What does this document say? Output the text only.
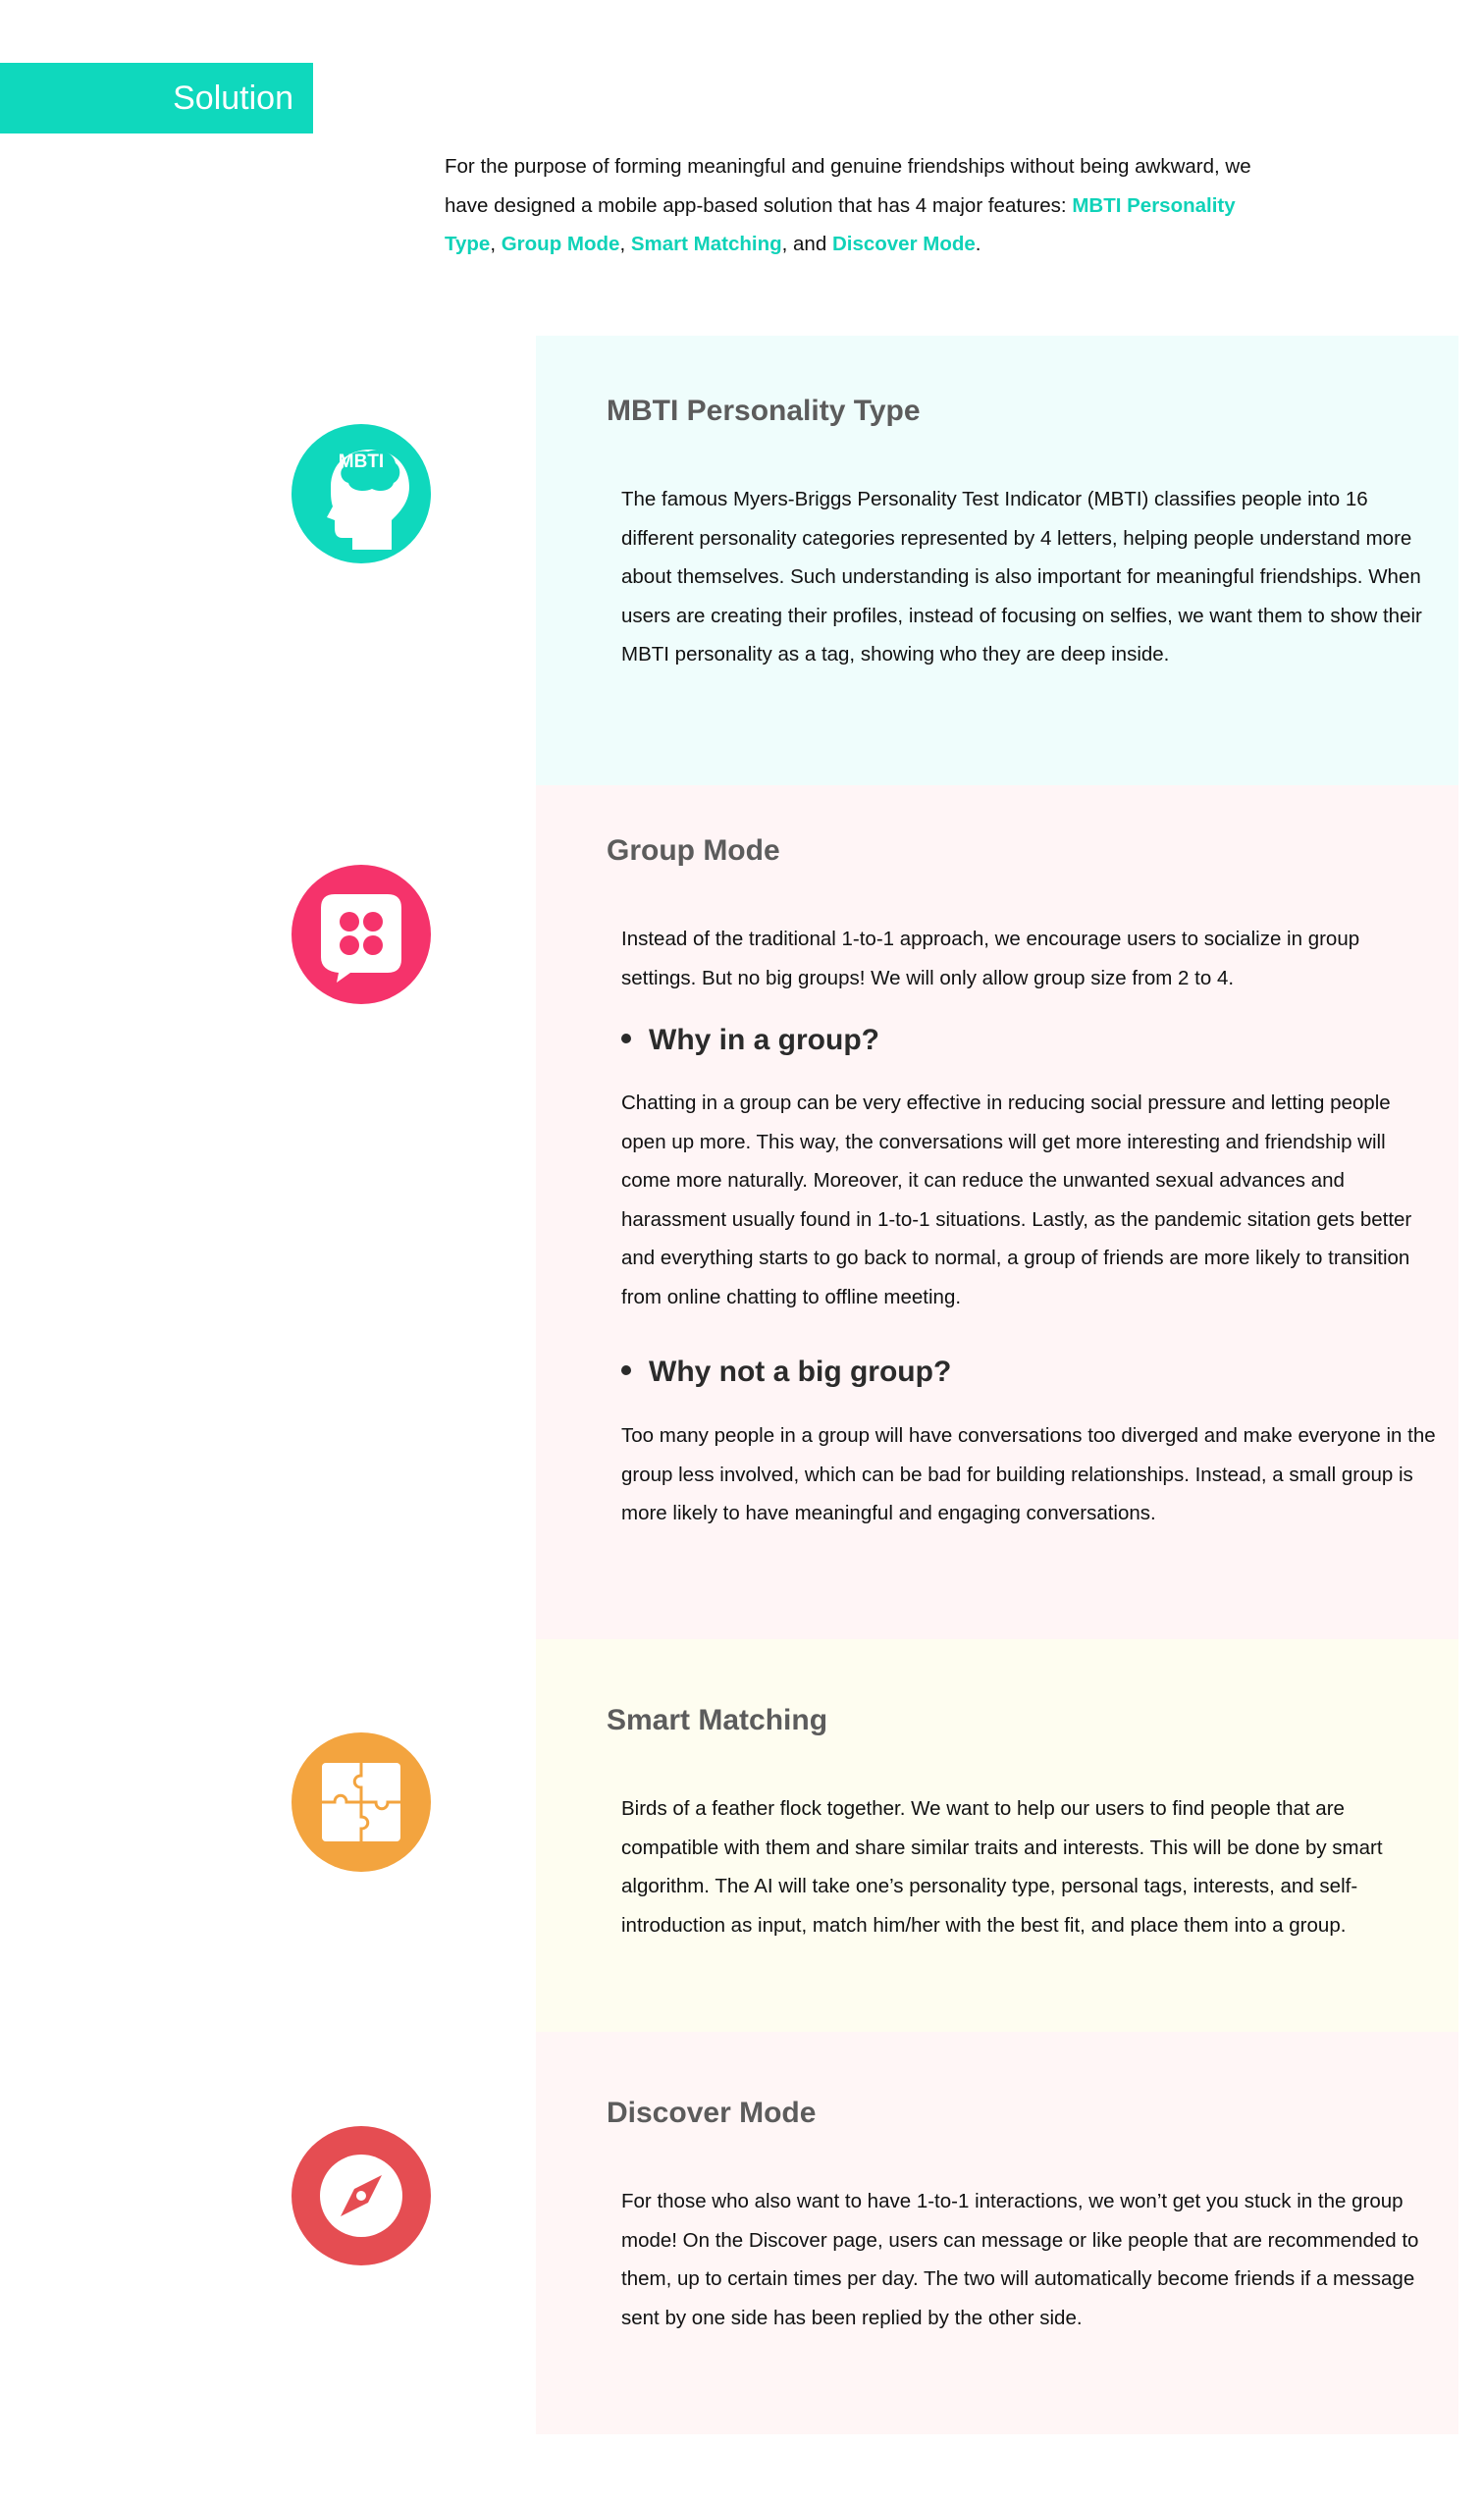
Solution
For the purpose of forming meaningful and genuine friendships without being awkward, we have designed a mobile app-based solution that has 4 major features: MBTI Personality Type, Group Mode, Smart Matching, and Discover Mode.
MBTI
MBTI Personality Type

The famous Myers-Briggs Personality Test Indicator (MBTI) classifies people into 16 different personality categories represented by 4 letters, helping people understand more about themselves. Such understanding is also important for meaningful friendships. When users are creating their profiles, instead of focusing on selfies, we want them to show their MBTI personality as a tag, showing who they are deep inside.

Group Mode

Instead of the traditional 1-to-1 approach, we encourage users to socialize in group settings. But no big groups! We will only allow group size from 2 to 4.

Why in a group?

Chatting in a group can be very effective in reducing social pressure and letting people open up more. This way, the conversations will get more interesting and friendship will come more naturally. Moreover, it can reduce the unwanted sexual advances and harassment usually found in 1-to-1 situations. Lastly, as the pandemic sitation gets better and everything starts to go back to normal, a group of friends are more likely to transition from online chatting to offline meeting.

Why not a big group?

Too many people in a group will have conversations too diverged and make everyone in the group less involved, which can be bad for building relationships. Instead, a small group is more likely to have meaningful and engaging conversations.

Smart Matching

Birds of a feather flock together. We want to help our users to find people that are compatible with them and share similar traits and interests. This will be done by smart algorithm. The AI will take one’s personality type, personal tags, interests, and self-introduction as input, match him/her with the best fit, and place them into a group.

Discover Mode

For those who also want to have 1-to-1 interactions, we won’t get you stuck in the group mode! On the Discover page, users can message or like people that are recommended to them, up to certain times per day. The two will automatically become friends if a message sent by one side has been replied by the other side.
